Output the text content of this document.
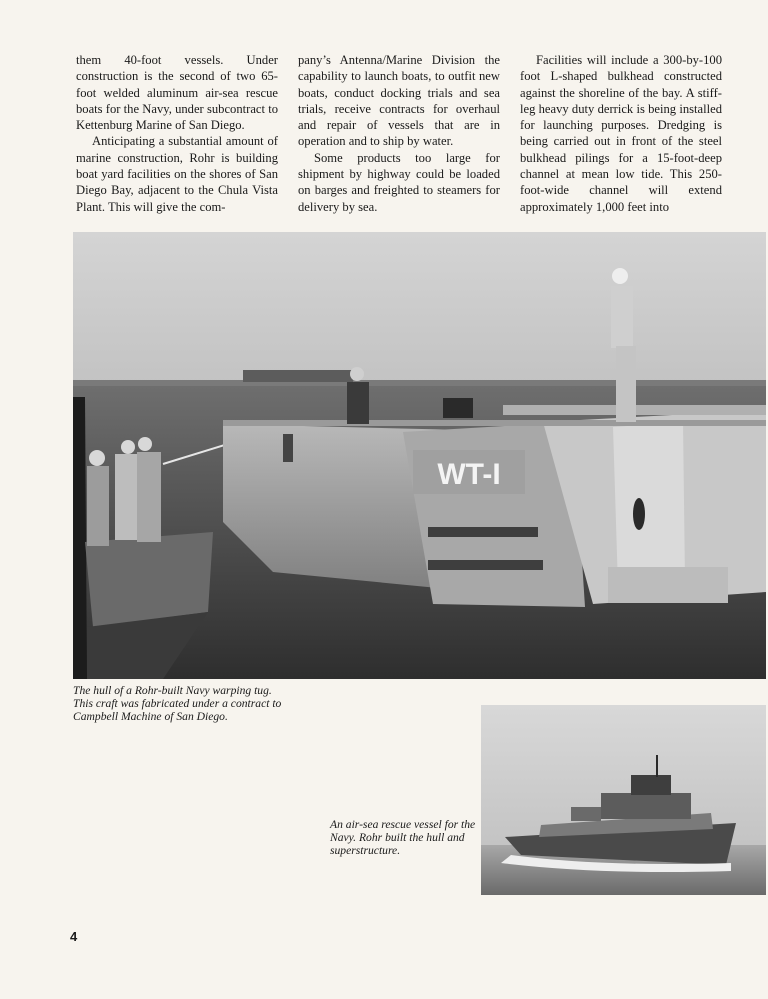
them 40-foot vessels. Under construction is the second of two 65-foot welded aluminum air-sea rescue boats for the Navy, under subcontract to Kettenburg Marine of San Diego.

Anticipating a substantial amount of marine construction, Rohr is building boat yard facilities on the shores of San Diego Bay, adjacent to the Chula Vista Plant. This will give the com-

pany’s Antenna/Marine Division the capability to launch boats, to outfit new boats, conduct docking trials and sea trials, receive contracts for overhaul and repair of vessels that are in operation and to ship by water.

Some products too large for shipment by highway could be loaded on barges and freighted to steamers for delivery by sea.

Facilities will include a 300-by-100 foot L-shaped bulkhead constructed against the shoreline of the bay. A stiff-leg heavy duty derrick is being installed for launching purposes. Dredging is being carried out in front of the steel bulkhead pilings for a 15-foot-deep channel at mean low tide. This 250-foot-wide channel will extend approximately 1,000 feet into

WT-I
The hull of a Rohr-built Navy warping tug. This craft was fabricated under a contract to Campbell Machine of San Diego.
An air-sea rescue vessel for the Navy. Rohr built the hull and superstructure.
4
